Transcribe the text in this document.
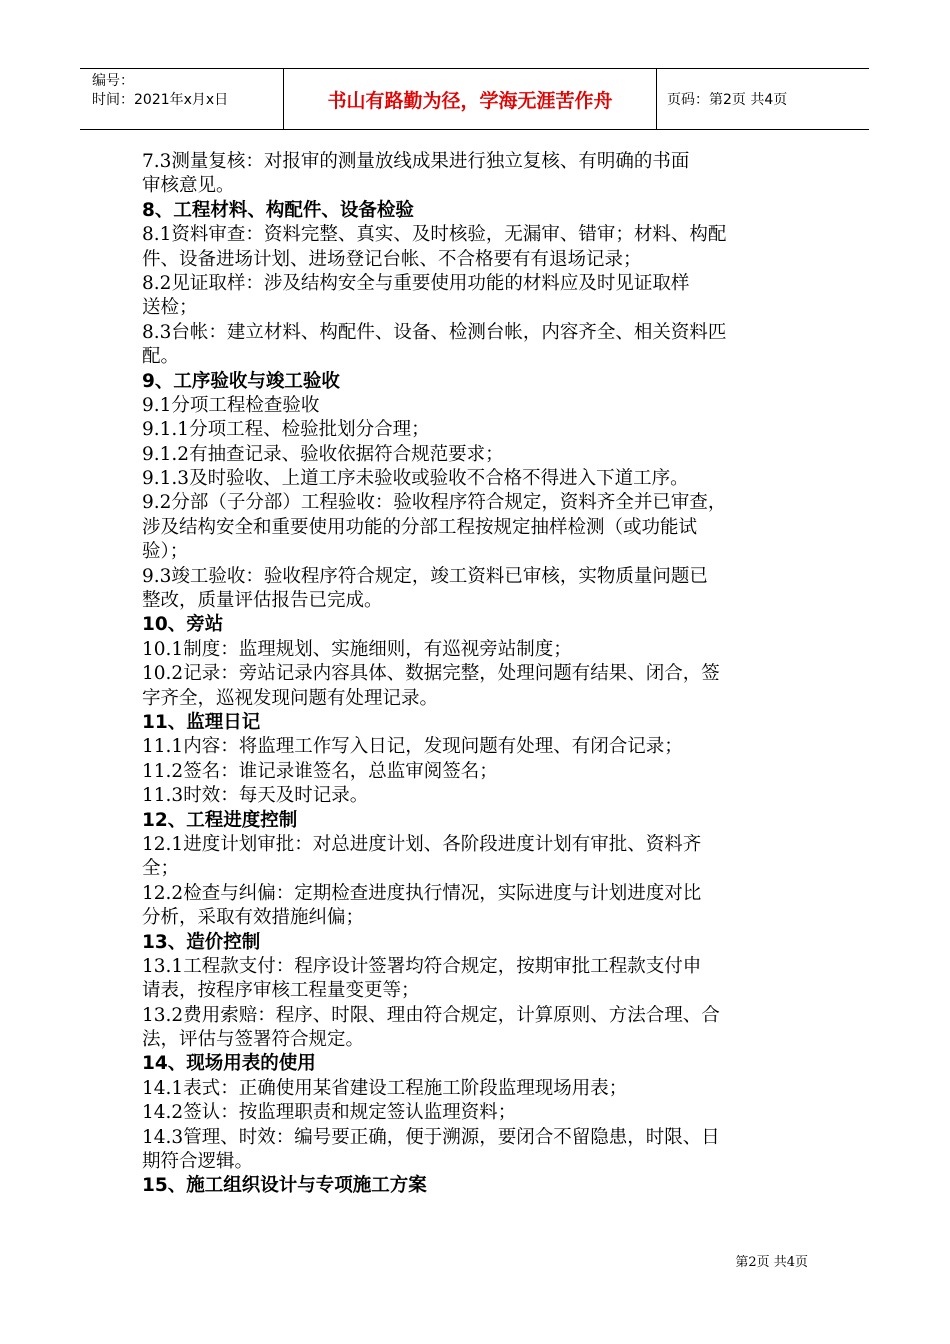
编号：
时间：2021年x月x日	书山有路勤为径，学海无涯苦作舟	页码：第2页 共4页
7.3测量复核：对报审的测量放线成果进行独立复核、有明确的书面
审核意见。
8、工程材料、构配件、设备检验
8.1资料审查：资料完整、真实、及时核验，无漏审、错审；材料、构配
件、设备进场计划、进场登记台帐、不合格要有有退场记录；
8.2见证取样：涉及结构安全与重要使用功能的材料应及时见证取样
送检；
8.3台帐：建立材料、构配件、设备、检测台帐，内容齐全、相关资料匹
配。
9、工序验收与竣工验收
9.1分项工程检查验收
9.1.1分项工程、检验批划分合理；
9.1.2有抽查记录、验收依据符合规范要求；
9.1.3及时验收、上道工序未验收或验收不合格不得进入下道工序。
9.2分部（子分部）工程验收：验收程序符合规定，资料齐全并已审查，
涉及结构安全和重要使用功能的分部工程按规定抽样检测（或功能试
验）；
9.3竣工验收：验收程序符合规定，竣工资料已审核，实物质量问题已
整改，质量评估报告已完成。
10、旁站
10.1制度：监理规划、实施细则，有巡视旁站制度；
10.2记录：旁站记录内容具体、数据完整，处理问题有结果、闭合，签
字齐全，巡视发现问题有处理记录。
11、监理日记
11.1内容：将监理工作写入日记，发现问题有处理、有闭合记录；
11.2签名：谁记录谁签名，总监审阅签名；
11.3时效：每天及时记录。
12、工程进度控制
12.1进度计划审批：对总进度计划、各阶段进度计划有审批、资料齐
全；
12.2检查与纠偏：定期检查进度执行情况，实际进度与计划进度对比
分析，采取有效措施纠偏；
13、造价控制
13.1工程款支付：程序设计签署均符合规定，按期审批工程款支付申
请表，按程序审核工程量变更等；
13.2费用索赔：程序、时限、理由符合规定，计算原则、方法合理、合
法，评估与签署符合规定。
14、现场用表的使用
14.1表式：正确使用某省建设工程施工阶段监理现场用表；
14.2签认：按监理职责和规定签认监理资料；
14.3管理、时效：编号要正确，便于溯源，要闭合不留隐患，时限、日
期符合逻辑。
15、施工组织设计与专项施工方案
第2页 共4页
